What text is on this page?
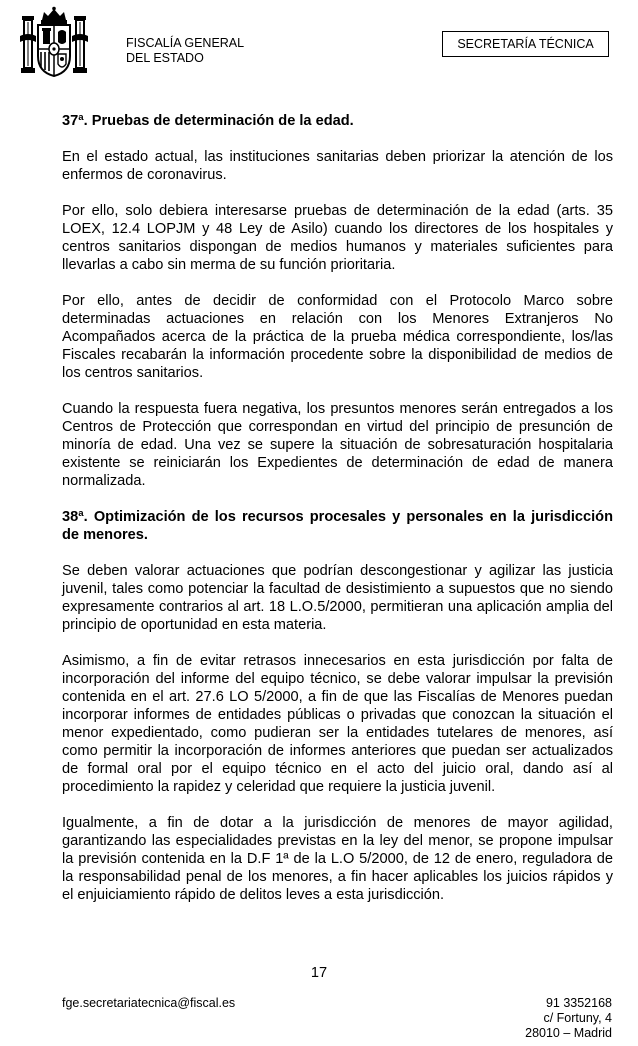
FISCALÍA GENERAL
DEL ESTADO
SECRETARÍA TÉCNICA
37ª. Pruebas de determinación de la edad.

En el estado actual, las instituciones sanitarias deben priorizar la atención de los enfermos de coronavirus.

Por ello, solo debiera interesarse pruebas de determinación de la edad (arts. 35 LOEX, 12.4 LOPJM y 48 Ley de Asilo) cuando los directores de los hospitales y centros sanitarios dispongan de medios humanos y materiales suficientes para llevarlas a cabo sin merma de su función prioritaria.

Por ello, antes de decidir de conformidad con el Protocolo Marco sobre determinadas actuaciones en relación con los Menores Extranjeros No Acompañados acerca de la práctica de la prueba médica correspondiente, los/las Fiscales recabarán la información procedente sobre la disponibilidad de medios de los centros sanitarios.

Cuando la respuesta fuera negativa, los presuntos menores serán entregados a los Centros de Protección que correspondan en virtud del principio de presunción de minoría de edad. Una vez se supere la situación de sobresaturación hospitalaria existente se reiniciarán los Expedientes de determinación de edad de manera normalizada.

38ª. Optimización de los recursos procesales y personales en la jurisdicción de menores.

Se deben valorar actuaciones que podrían descongestionar y agilizar las justicia juvenil, tales como potenciar la facultad de desistimiento a supuestos que no siendo expresamente contrarios al art. 18 L.O.5/2000, permitieran una aplicación amplia del principio de oportunidad en esta materia.

Asimismo, a fin de evitar retrasos innecesarios en esta jurisdicción por falta de incorporación del informe del equipo técnico, se debe valorar impulsar la previsión contenida en el art. 27.6 LO 5/2000, a fin de que las Fiscalías de Menores puedan incorporar informes de entidades públicas o privadas que conozcan la situación el menor expedientado, como pudieran ser la entidades tutelares de menores, así como permitir la incorporación de informes anteriores que puedan ser actualizados de formal oral por el equipo técnico en el acto del juicio oral, dando así al procedimiento la rapidez y celeridad que requiere la justicia juvenil.

Igualmente, a fin de dotar a la jurisdicción de menores de mayor agilidad, garantizando las especialidades previstas en la ley del menor, se propone impulsar la previsión contenida en la D.F 1ª de la L.O 5/2000, de 12 de enero, reguladora de la responsabilidad penal de los menores, a fin hacer aplicables los juicios rápidos y el enjuiciamiento rápido de delitos leves a esta jurisdicción.

17
fge.secretariatecnica@fiscal.es	91 3352168
c/ Fortuny, 4
28010 – Madrid
